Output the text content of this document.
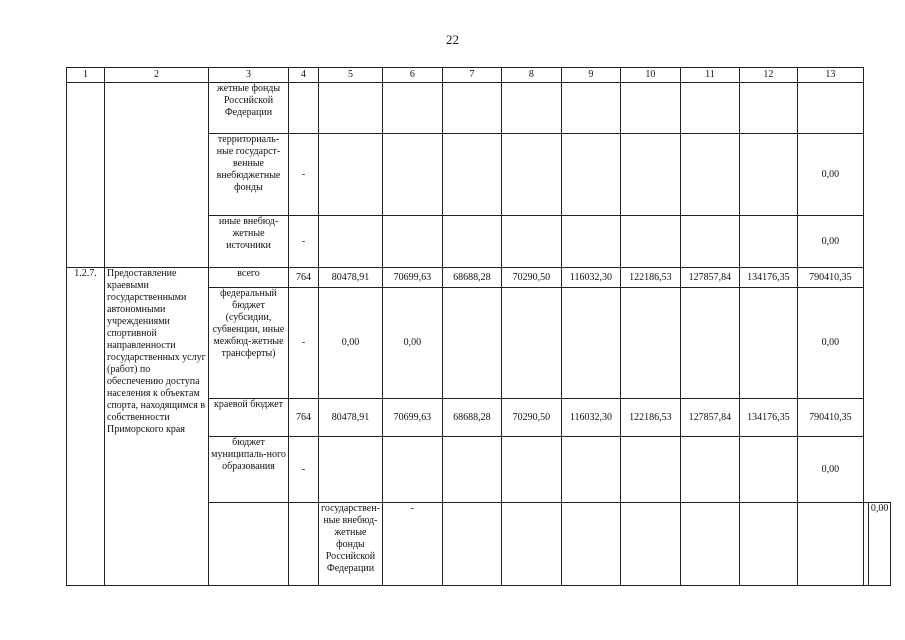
22
1	2	3	4	5	6	7	8	9	10	11	12	13		
		жетные фонды Российской Федерации												
		территориаль-ные государст-венные внебюджетные фонды	-									0,00		
		иные внебюд-жетные источники	-									0,00		
1.2.7.	Предоставление краевыми государственными автономными учреждениями спортивной направленности государственных услуг (работ) по обеспечению доступа населения к объектам спорта, находящимся в собственности Приморского края	всего	764	80478,91	70699,63	68688,28	70290,50	116032,30	122186,53	127857,84	134176,35	790410,35		
		федеральный бюджет (субсидии, субвенции, иные межбюд-жетные трансферты)	-	0,00	0,00							0,00		
		краевой бюджет	764	80478,91	70699,63	68688,28	70290,50	116032,30	122186,53	127857,84	134176,35	790410,35		
		бюджет муниципаль-ного образования	-									0,00		
				государствен-ные внебюд-жетные фонды Российской Федерации	-									0,00
